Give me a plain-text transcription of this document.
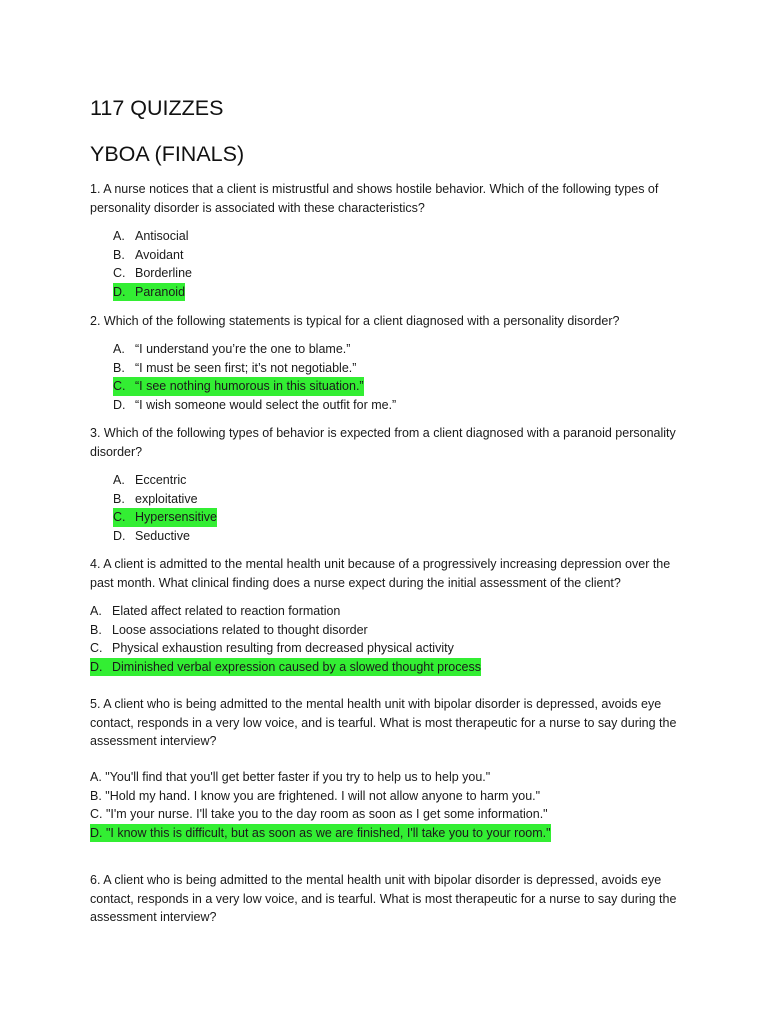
117 QUIZZES
YBOA (FINALS)

1. A nurse notices that a client is mistrustful and shows hostile behavior. Which of the following types of personality disorder is associated with these characteristics?

A. Antisocial
B. Avoidant
C. Borderline
D. Paranoid

2. Which of the following statements is typical for a client diagnosed with a personality disorder?

A. “I understand you’re the one to blame.”
B. “I must be seen first; it’s not negotiable.”
C. “I see nothing humorous in this situation.”
D. “I wish someone would select the outfit for me.”

3. Which of the following types of behavior is expected from a client diagnosed with a paranoid personality disorder?

A. Eccentric
B. exploitative
C. Hypersensitive
D. Seductive

4. A client is admitted to the mental health unit because of a progressively increasing depression over the past month. What clinical finding does a nurse expect during the initial assessment of the client?

A. Elated affect related to reaction formation
B. Loose associations related to thought disorder
C. Physical exhaustion resulting from decreased physical activity
D. Diminished verbal expression caused by a slowed thought process

5. A client who is being admitted to the mental health unit with bipolar disorder is depressed, avoids eye contact, responds in a very low voice, and is tearful. What is most therapeutic for a nurse to say during the assessment interview?

A. "You'll find that you'll get better faster if you try to help us to help you."
B. "Hold my hand. I know you are frightened. I will not allow anyone to harm you."
C. "I'm your nurse. I'll take you to the day room as soon as I get some information."
D. "I know this is difficult, but as soon as we are finished, I'll take you to your room."

6. A client who is being admitted to the mental health unit with bipolar disorder is depressed, avoids eye contact, responds in a very low voice, and is tearful. What is most therapeutic for a nurse to say during the assessment interview?
